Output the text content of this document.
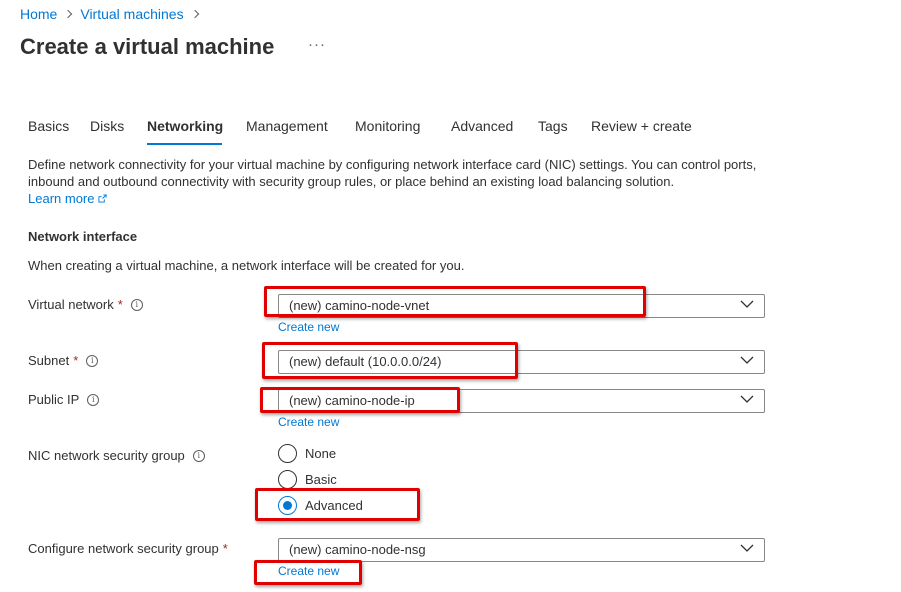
Home Virtual machines
Create a virtual machine ···
Basics Disks Networking Management Monitoring Advanced Tags Review + create
Define network connectivity for your virtual machine by configuring network interface card (NIC) settings. You can control ports, inbound and outbound connectivity with security group rules, or place behind an existing load balancing solution.
Learn more
Network interface
When creating a virtual machine, a network interface will be created for you.
Virtual network *	i	(new) camino-node-vnet
Create new
Subnet *	i	(new) default (10.0.0.0/24)
Public IP	i	(new) camino-node-ip
Create new
NIC network security group	i	None
Basic
Advanced
Configure network security group *	(new) camino-node-nsg
Create new
